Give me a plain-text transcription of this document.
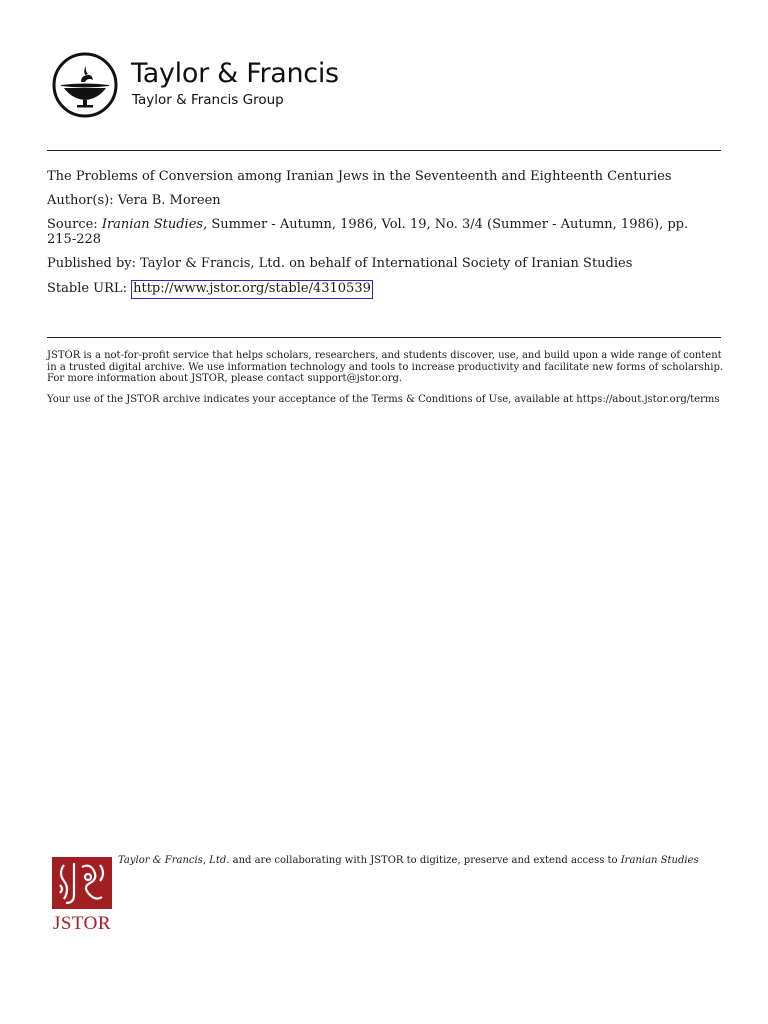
Taylor & Francis
Taylor & Francis Group

The Problems of Conversion among Iranian Jews in the Seventeenth and Eighteenth Centuries

Author(s): Vera B. Moreen

Source: Iranian Studies, Summer - Autumn, 1986, Vol. 19, No. 3/4 (Summer - Autumn, 1986), pp. 215-228

Published by: Taylor & Francis, Ltd. on behalf of International Society of Iranian Studies

Stable URL: http://www.jstor.org/stable/4310539

JSTOR is a not-for-profit service that helps scholars, researchers, and students discover, use, and build upon a wide range of content in a trusted digital archive. We use information technology and tools to increase productivity and facilitate new forms of scholarship. For more information about JSTOR, please contact support@jstor.org.

Your use of the JSTOR archive indicates your acceptance of the Terms & Conditions of Use, available at https://about.jstor.org/terms

JSTOR
Taylor & Francis, Ltd. and are collaborating with JSTOR to digitize, preserve and extend access to Iranian Studies
